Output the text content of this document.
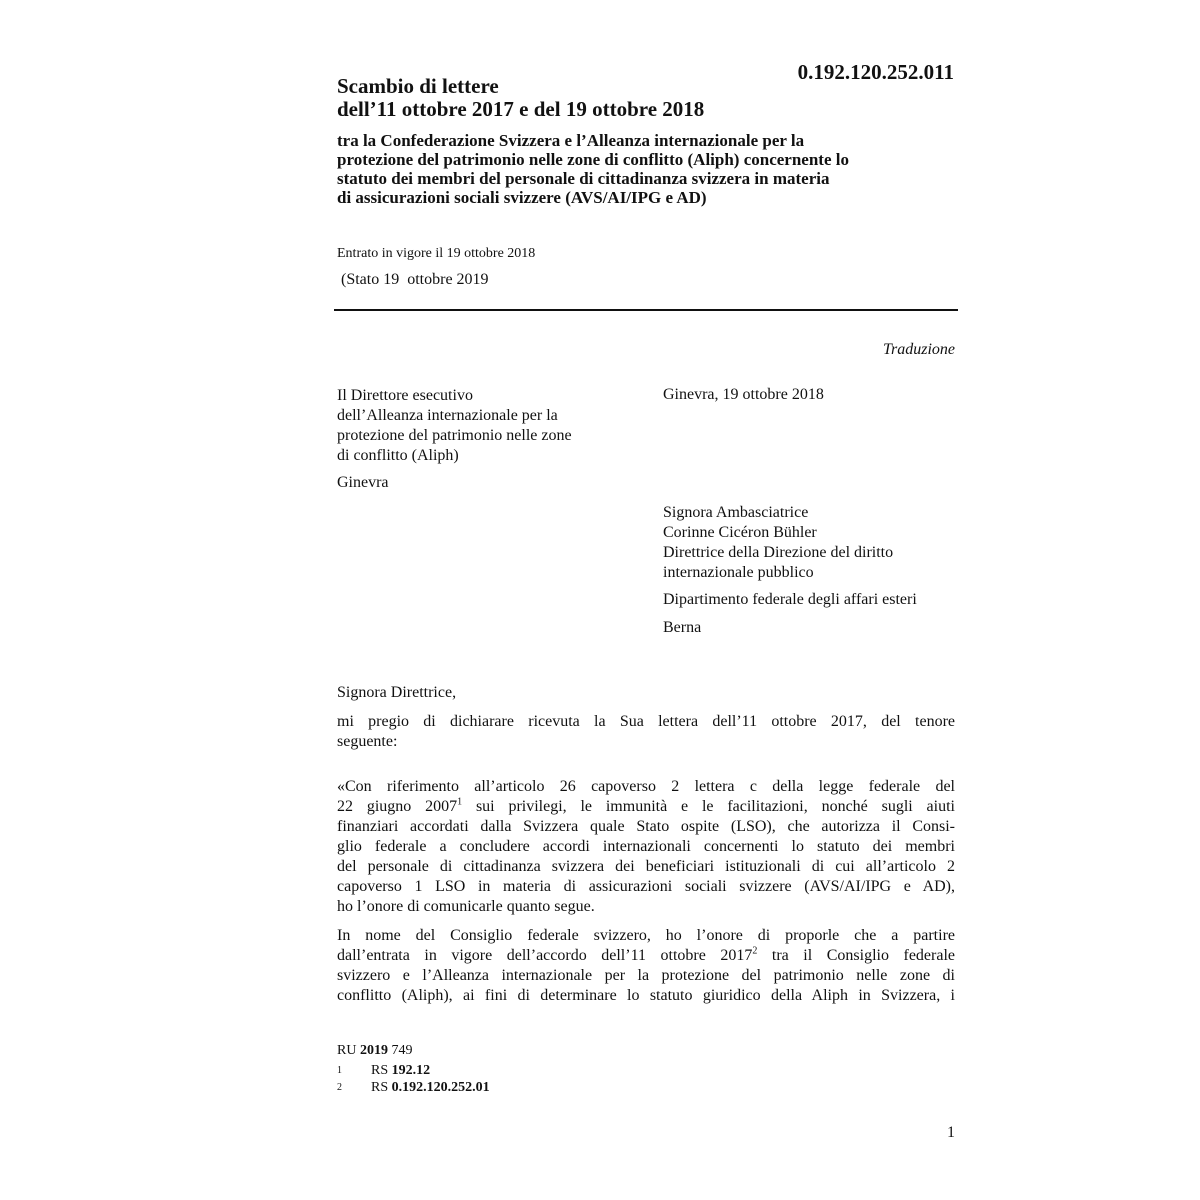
0.192.120.252.011
Scambio di lettere
dell’11 ottobre 2017 e del 19 ottobre 2018
tra la Confederazione Svizzera e l’Alleanza internazionale per la
protezione del patrimonio nelle zone di conflitto (Aliph) concernente lo
statuto dei membri del personale di cittadinanza svizzera in materia
di assicurazioni sociali svizzere (AVS/AI/IPG e AD)
Entrato in vigore il 19 ottobre 2018
(Stato 19  ottobre 2019
Traduzione
Il Direttore esecutivo
dell’Alleanza internazionale per la
protezione del patrimonio nelle zone
di conflitto (Aliph)
Ginevra
Ginevra, 19 ottobre 2018
Signora Ambasciatrice
Corinne Cicéron Bühler
Direttrice della Direzione del diritto
internazionale pubblico
Dipartimento federale degli affari esteri
Berna
Signora Direttrice,
mi pregio di dichiarare ricevuta la Sua lettera dell’11 ottobre 2017, del tenore
seguente:
«Con riferimento all’articolo 26 capoverso 2 lettera c della legge federale del
22 giugno 2007$^1$ sui privilegi, le immunità e le facilitazioni, nonché sugli aiuti
finanziari accordati dalla Svizzera quale Stato ospite (LSO), che autorizza il Consi-
glio federale a concludere accordi internazionali concernenti lo statuto dei membri
del personale di cittadinanza svizzera dei beneficiari istituzionali di cui all’articolo 2
capoverso 1 LSO in materia di assicurazioni sociali svizzere (AVS/AI/IPG e AD),
ho l’onore di comunicarle quanto segue.
In nome del Consiglio federale svizzero, ho l’onore di proporle che a partire
dall’entrata in vigore dell’accordo dell’11 ottobre 2017$^2$ tra il Consiglio federale
svizzero e l’Alleanza internazionale per la protezione del patrimonio nelle zone di
conflitto (Aliph), ai fini di determinare lo statuto giuridico della Aliph in Svizzera, i
RU 2019 749
1	RS 192.12
2	RS 0.192.120.252.01
1
